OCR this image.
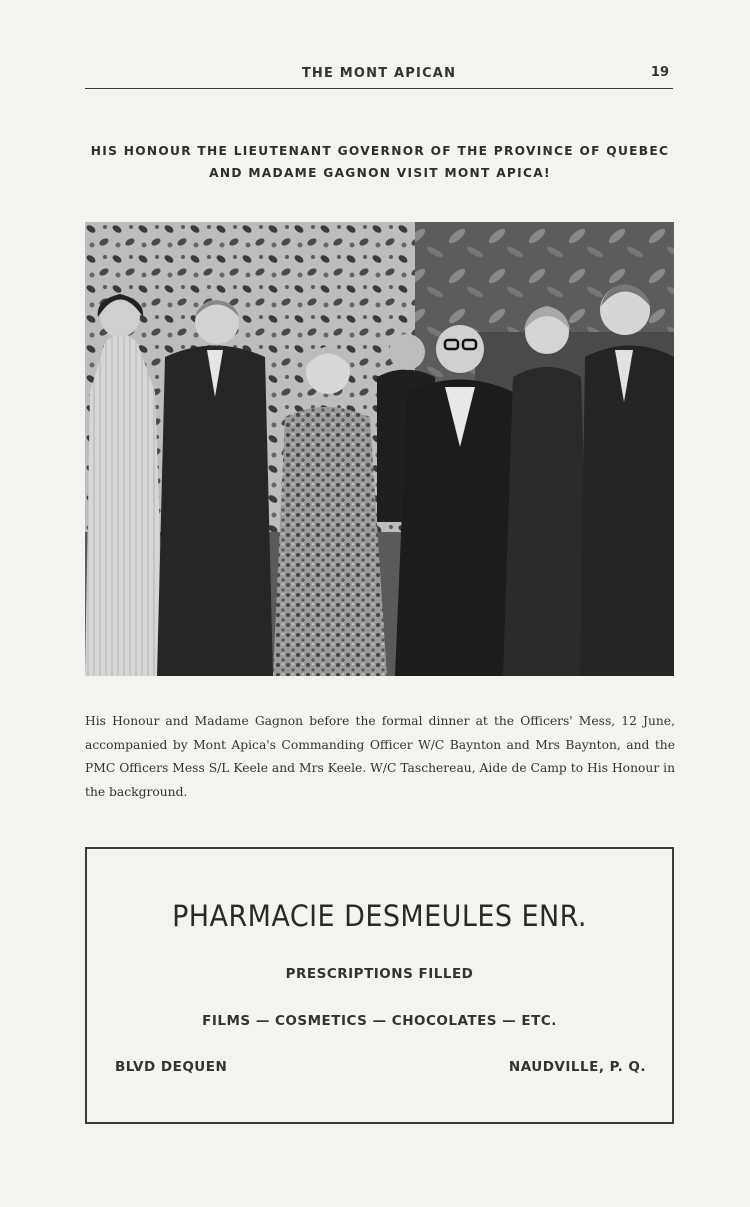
THE MONT APICAN	19
HIS HONOUR THE LIEUTENANT GOVERNOR OF THE PROVINCE OF QUEBEC
AND MADAME GAGNON VISIT MONT APICA!
His Honour and Madame Gagnon before the formal dinner at the Officers' Mess, 12 June, accompanied by Mont Apica's Commanding Officer W/C Baynton and Mrs Baynton, and the PMC Officers Mess S/L Keele and Mrs Keele. W/C Taschereau, Aide de Camp to His Honour in the background.
PHARMACIE DESMEULES ENR.
PRESCRIPTIONS FILLED
FILMS — COSMETICS — CHOCOLATES — ETC.
BLVD DEQUEN	NAUDVILLE, P. Q.
